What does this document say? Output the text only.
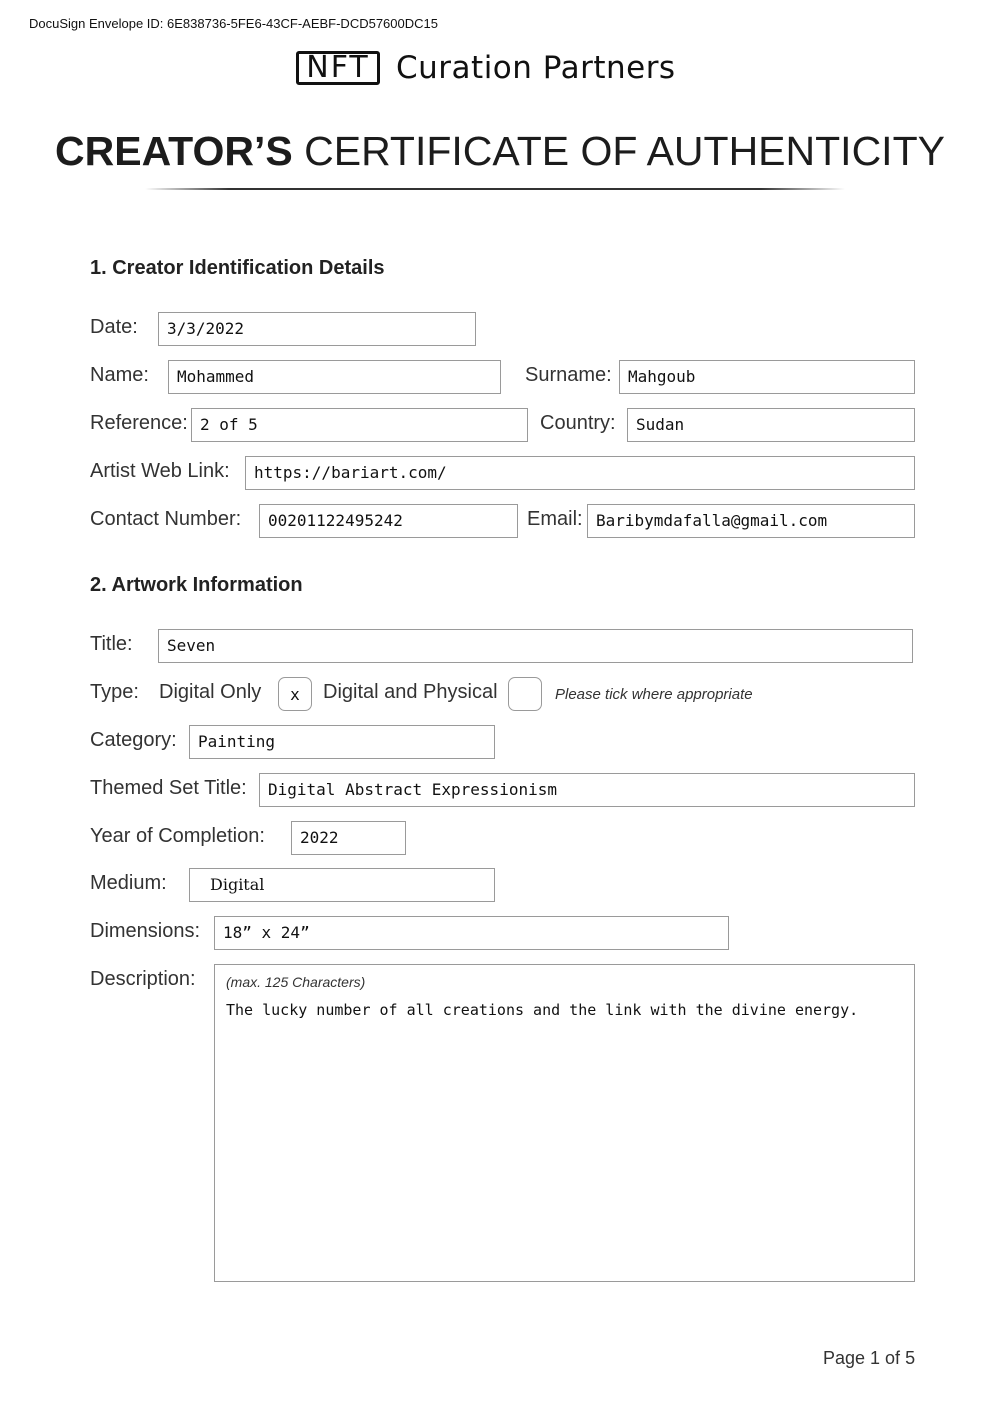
DocuSign Envelope ID: 6E838736-5FE6-43CF-AEBF-DCD57600DC15
NFT Curation Partners
CREATOR’S CERTIFICATE OF AUTHENTICITY
1. Creator Identification Details
Date:	3/3/2022
Name:	Mohammed	Surname:	Mahgoub
Reference: 2 of 5	Country:	Sudan
Artist Web Link:	https://bariart.com/
Contact Number:	00201122495242	Email: Baribymdafalla@gmail.com
2. Artwork Information
Title:	Seven
Type: Digital Only	x	Digital and Physical	Please tick where appropriate
Category:	Painting
Themed Set Title:	Digital Abstract Expressionism
Year of Completion:	2022
Medium:	Digital
Dimensions:	18” x 24”
Description: (max. 125 Characters)
The lucky number of all creations and the link with the divine energy.
Page 1 of 5
